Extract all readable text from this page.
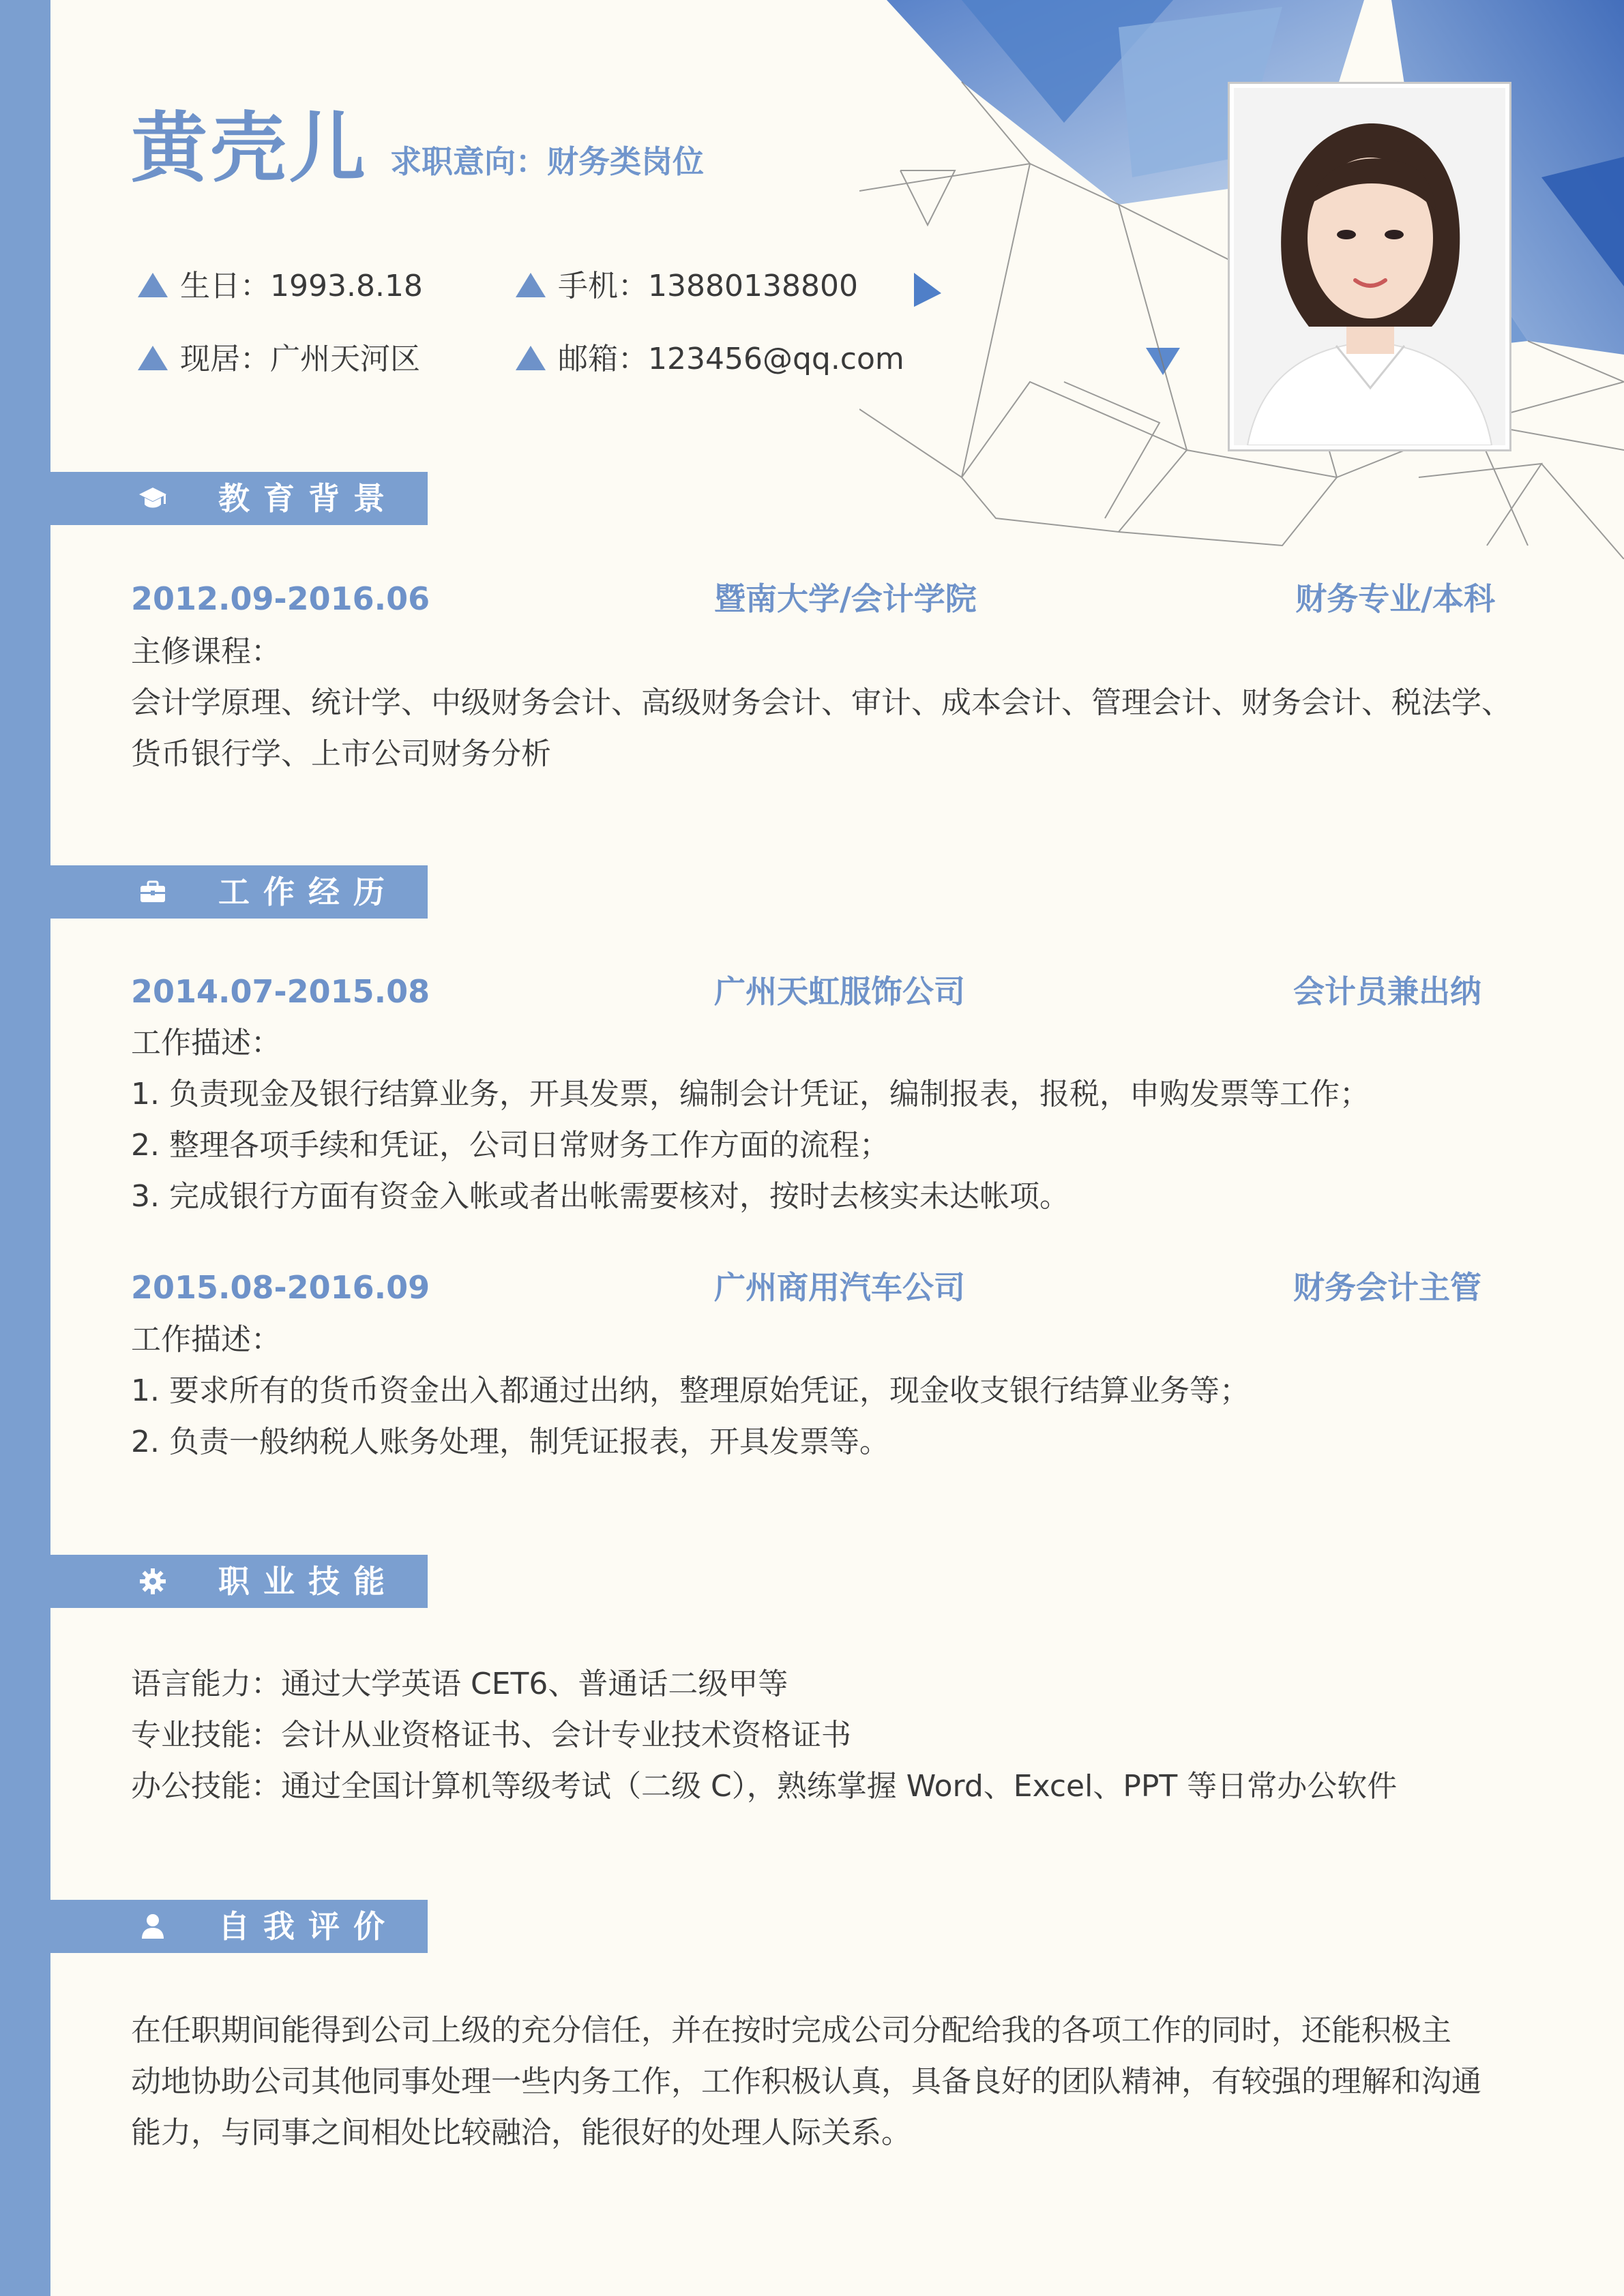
黄壳儿 求职意向：财务类岗位
生日：1993.8.18	手机：13880138800
现居：广州天河区	邮箱：123456@qq.com
教育背景
2012.09-2016.06	暨南大学/会计学院	财务专业/本科
主修课程：
会计学原理、统计学、中级财务会计、高级财务会计、审计、成本会计、管理会计、财务会计、税法学、
货币银行学、上市公司财务分析
工作经历
2014.07-2015.08	广州天虹服饰公司	会计员兼出纳
工作描述：
1. 负责现金及银行结算业务，开具发票，编制会计凭证，编制报表，报税，申购发票等工作；
2. 整理各项手续和凭证，公司日常财务工作方面的流程；
3. 完成银行方面有资金入帐或者出帐需要核对，按时去核实未达帐项。
2015.08-2016.09	广州商用汽车公司	财务会计主管
工作描述：
1. 要求所有的货币资金出入都通过出纳，整理原始凭证，现金收支银行结算业务等；
2. 负责一般纳税人账务处理，制凭证报表，开具发票等。
职业技能
语言能力：通过大学英语 CET6、普通话二级甲等
专业技能：会计从业资格证书、会计专业技术资格证书
办公技能：通过全国计算机等级考试（二级 C），熟练掌握 Word、Excel、PPT 等日常办公软件
自我评价
在任职期间能得到公司上级的充分信任，并在按时完成公司分配给我的各项工作的同时，还能积极主
动地协助公司其他同事处理一些内务工作，工作积极认真，具备良好的团队精神，有较强的理解和沟通
能力，与同事之间相处比较融洽，能很好的处理人际关系。
